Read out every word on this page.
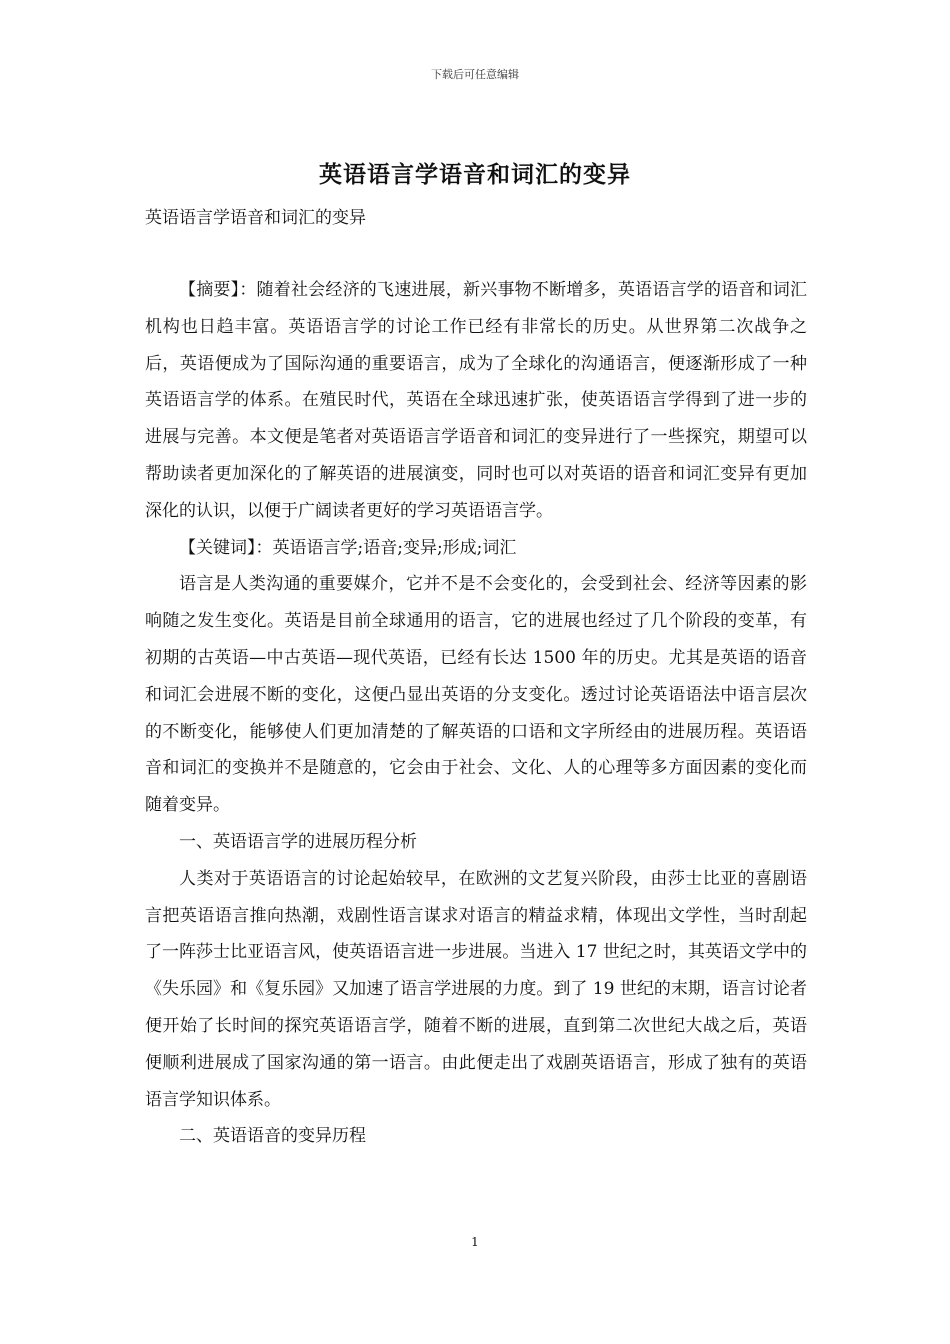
下载后可任意编辑
英语语言学语音和词汇的变异
英语语言学语音和词汇的变异

【摘要】：随着社会经济的飞速进展，新兴事物不断增多，英语语言学的语音和词汇机构也日趋丰富。英语语言学的讨论工作已经有非常长的历史。从世界第二次战争之后，英语便成为了国际沟通的重要语言，成为了全球化的沟通语言，便逐渐形成了一种英语语言学的体系。在殖民时代，英语在全球迅速扩张，使英语语言学得到了进一步的进展与完善。本文便是笔者对英语语言学语音和词汇的变异进行了一些探究，期望可以帮助读者更加深化的了解英语的进展演变，同时也可以对英语的语音和词汇变异有更加深化的认识，以便于广阔读者更好的学习英语语言学。

【关键词】：英语语言学;语音;变异;形成;词汇

语言是人类沟通的重要媒介，它并不是不会变化的，会受到社会、经济等因素的影响随之发生变化。英语是目前全球通用的语言，它的进展也经过了几个阶段的变革，有初期的古英语—中古英语—现代英语，已经有长达 1500 年的历史。尤其是英语的语音和词汇会进展不断的变化，这便凸显出英语的分支变化。透过讨论英语语法中语言层次的不断变化，能够使人们更加清楚的了解英语的口语和文字所经由的进展历程。英语语音和词汇的变换并不是随意的，它会由于社会、文化、人的心理等多方面因素的变化而随着变异。

一、英语语言学的进展历程分析

人类对于英语语言的讨论起始较早，在欧洲的文艺复兴阶段，由莎士比亚的喜剧语言把英语语言推向热潮，戏剧性语言谋求对语言的精益求精，体现出文学性，当时刮起了一阵莎士比亚语言风，使英语语言进一步进展。当进入 17 世纪之时，其英语文学中的《失乐园》和《复乐园》又加速了语言学进展的力度。到了 19 世纪的末期，语言讨论者便开始了长时间的探究英语语言学，随着不断的进展，直到第二次世纪大战之后，英语便顺利进展成了国家沟通的第一语言。由此便走出了戏剧英语语言，形成了独有的英语语言学知识体系。

二、英语语音的变异历程

1
